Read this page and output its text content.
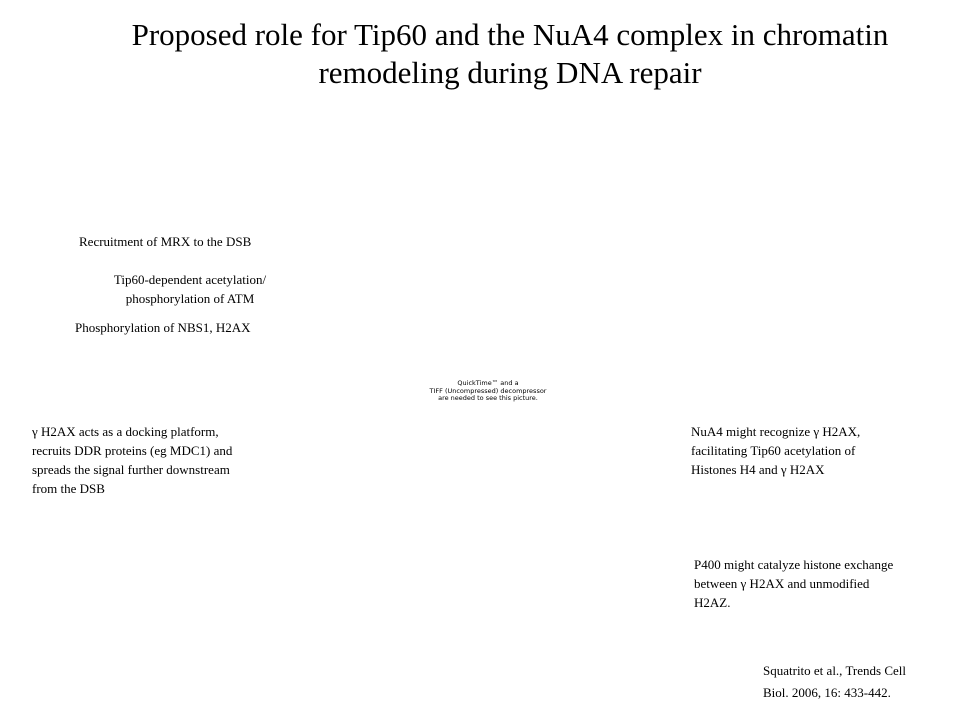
Proposed role for Tip60 and the NuA4 complex in chromatin
remodeling during DNA repair
Recruitment of MRX to the DSB
Tip60-dependent acetylation/
phosphorylation of ATM
Phosphorylation of NBS1, H2AX
QuickTime™ and a
TIFF (Uncompressed) decompressor
are needed to see this picture.
γ H2AX acts as a docking platform,
recruits DDR proteins (eg MDC1) and
spreads the signal further downstream
from the DSB
NuA4 might recognize γ H2AX,
facilitating Tip60 acetylation of
Histones H4 and γ H2AX
P400 might catalyze histone exchange
between γ H2AX and unmodified
H2AZ.
Squatrito et al., Trends Cell
Biol. 2006, 16: 433-442.
